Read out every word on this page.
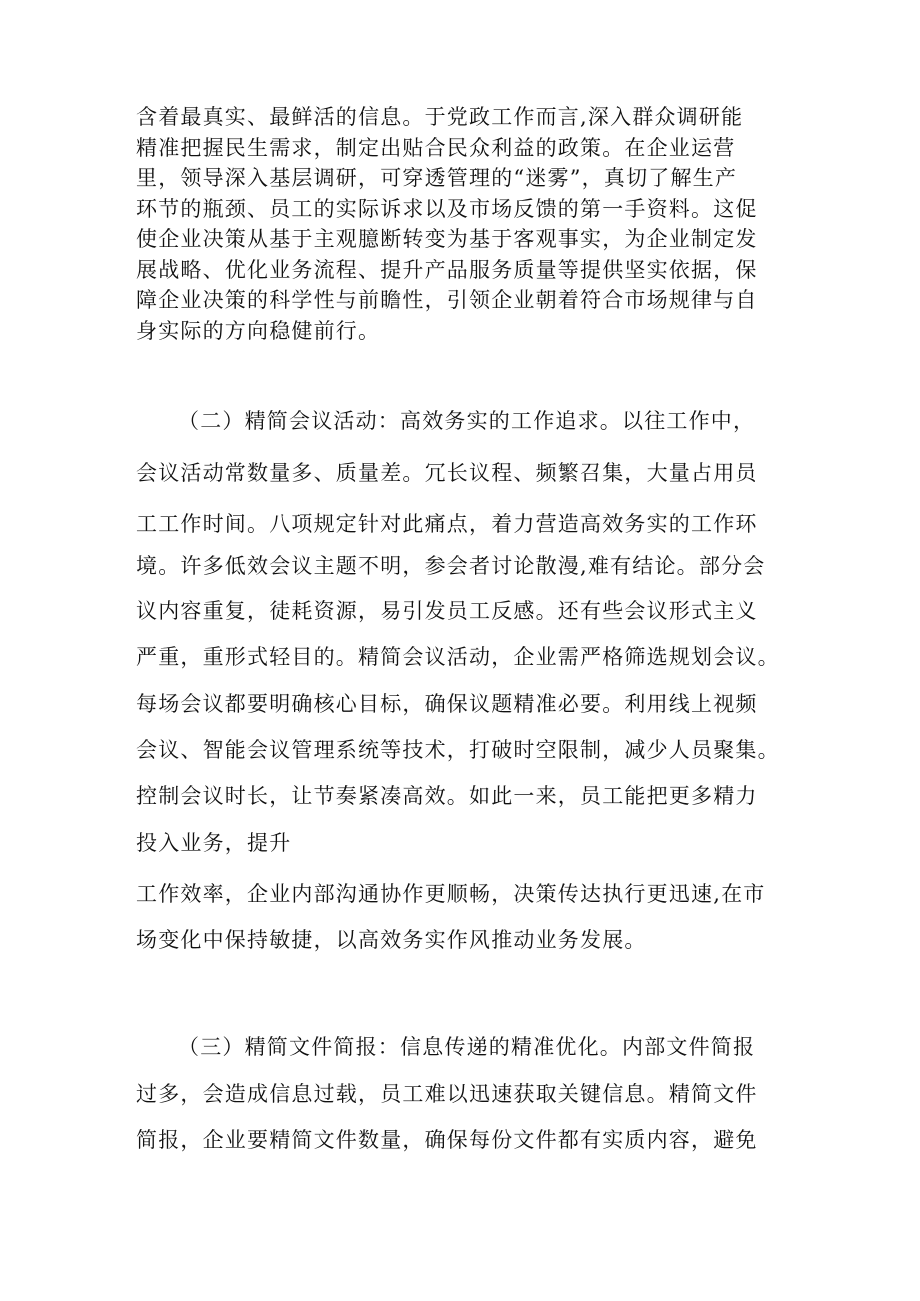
含着最真实、最鲜活的信息。于党政工作而言,深入群众调研能
精准把握民生需求，制定出贴合民众利益的政策。在企业运营
里，领导深入基层调研，可穿透管理的“迷雾”，真切了解生产
环节的瓶颈、员工的实际诉求以及市场反馈的第一手资料。这促
使企业决策从基于主观臆断转变为基于客观事实，为企业制定发
展战略、优化业务流程、提升产品服务质量等提供坚实依据，保
障企业决策的科学性与前瞻性，引领企业朝着符合市场规律与自
身实际的方向稳健前行。
（二）精简会议活动：高效务实的工作追求。以往工作中，
会议活动常数量多、质量差。冗长议程、频繁召集，大量占用员
工工作时间。八项规定针对此痛点，着力营造高效务实的工作环
境。许多低效会议主题不明，参会者讨论散漫,难有结论。部分会
议内容重复，徒耗资源，易引发员工反感。还有些会议形式主义
严重，重形式轻目的。精简会议活动，企业需严格筛选规划会议。
每场会议都要明确核心目标，确保议题精准必要。利用线上视频
会议、智能会议管理系统等技术，打破时空限制，减少人员聚集。
控制会议时长，让节奏紧凑高效。如此一来，员工能把更多精力
投入业务，提升
工作效率，企业内部沟通协作更顺畅，决策传达执行更迅速,在市
场变化中保持敏捷，以高效务实作风推动业务发展。
（三）精简文件简报：信息传递的精准优化。内部文件简报
过多，会造成信息过载，员工难以迅速获取关键信息。精简文件
简报，企业要精简文件数量，确保每份文件都有实质内容，避免
